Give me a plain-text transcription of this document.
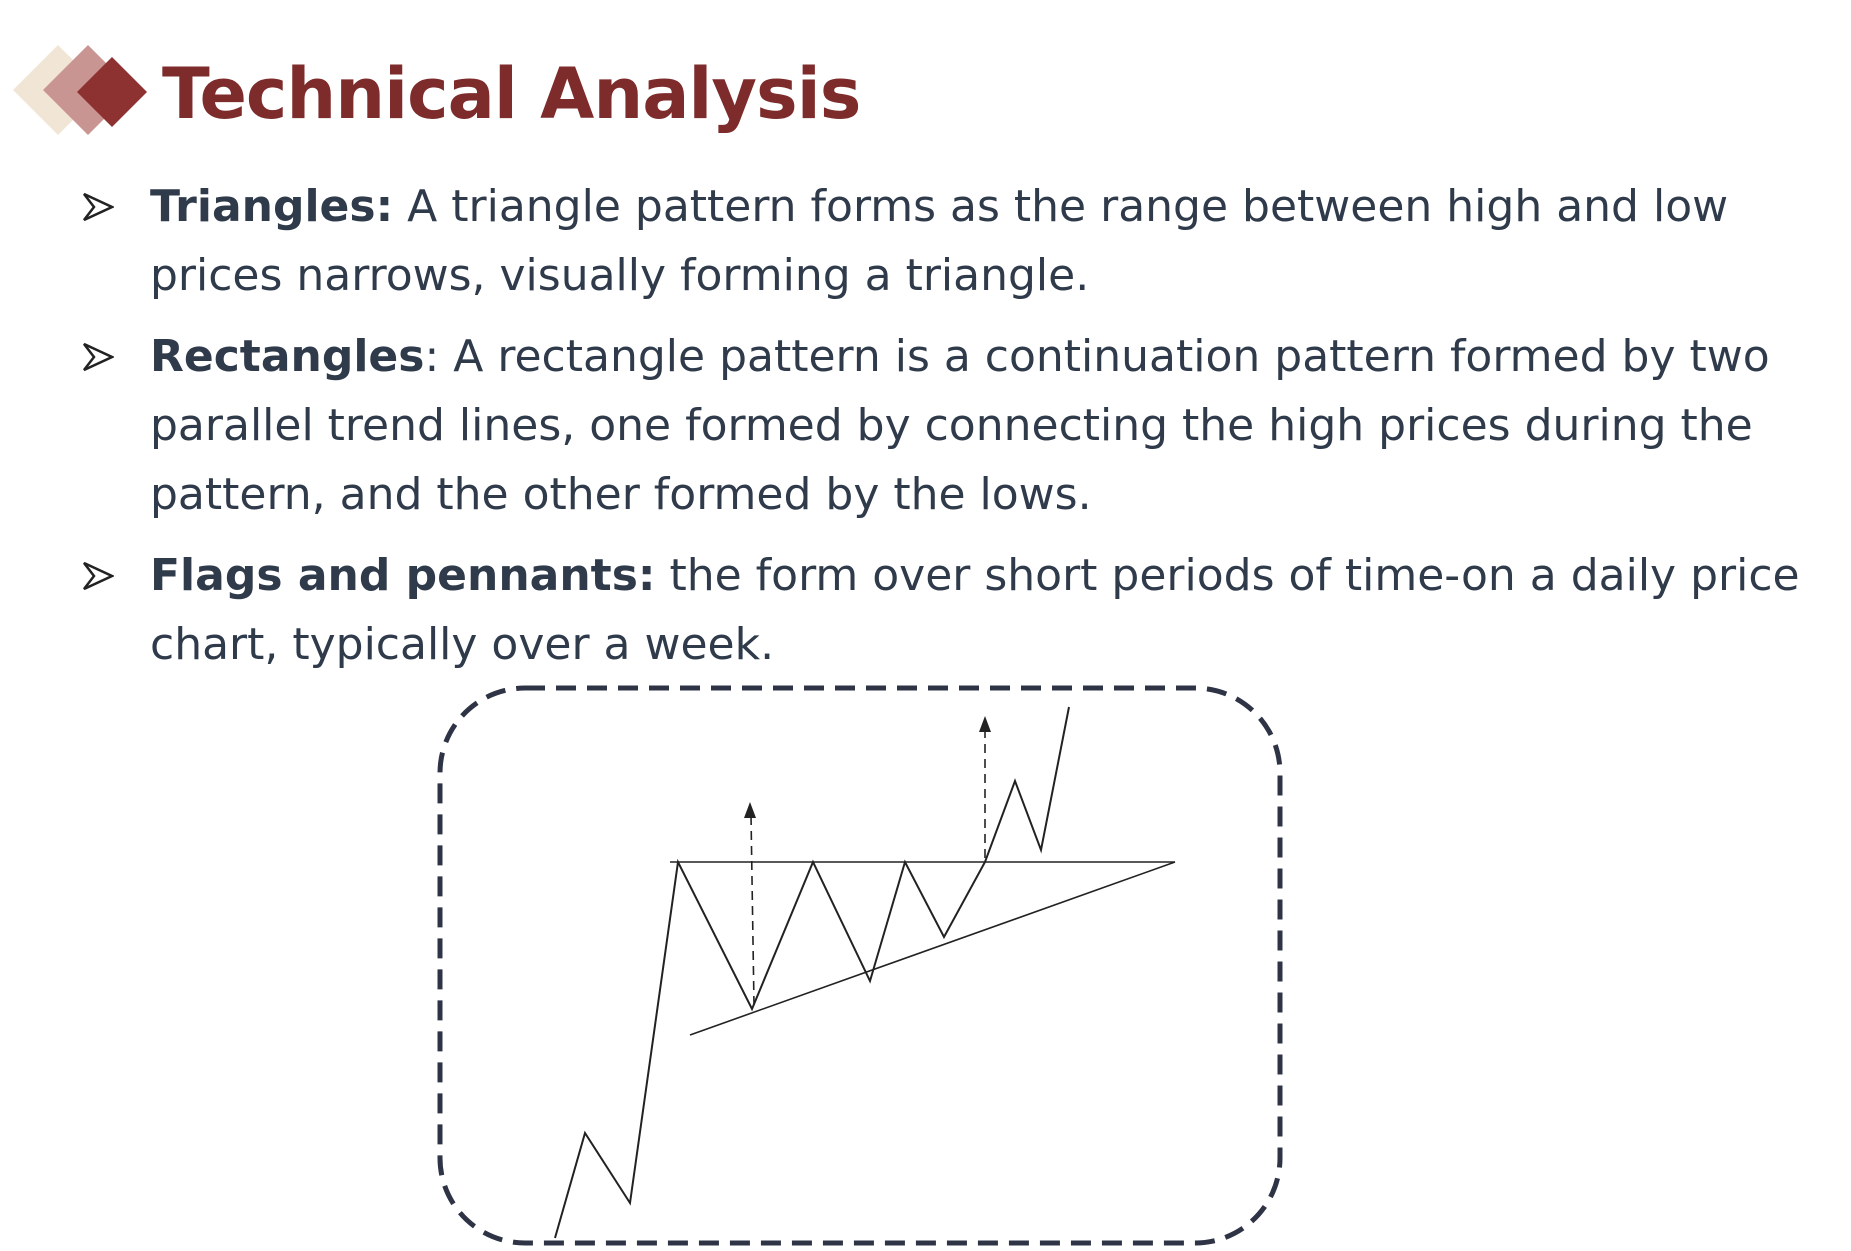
Technical Analysis
Triangles: A triangle pattern forms as the range between high and low
prices narrows, visually forming a triangle.
Rectangles: A rectangle pattern is a continuation pattern formed by two
parallel trend lines, one formed by connecting the high prices during the
pattern, and the other formed by the lows.
Flags and pennants: the form over short periods of time-on a daily price
chart, typically over a week.
